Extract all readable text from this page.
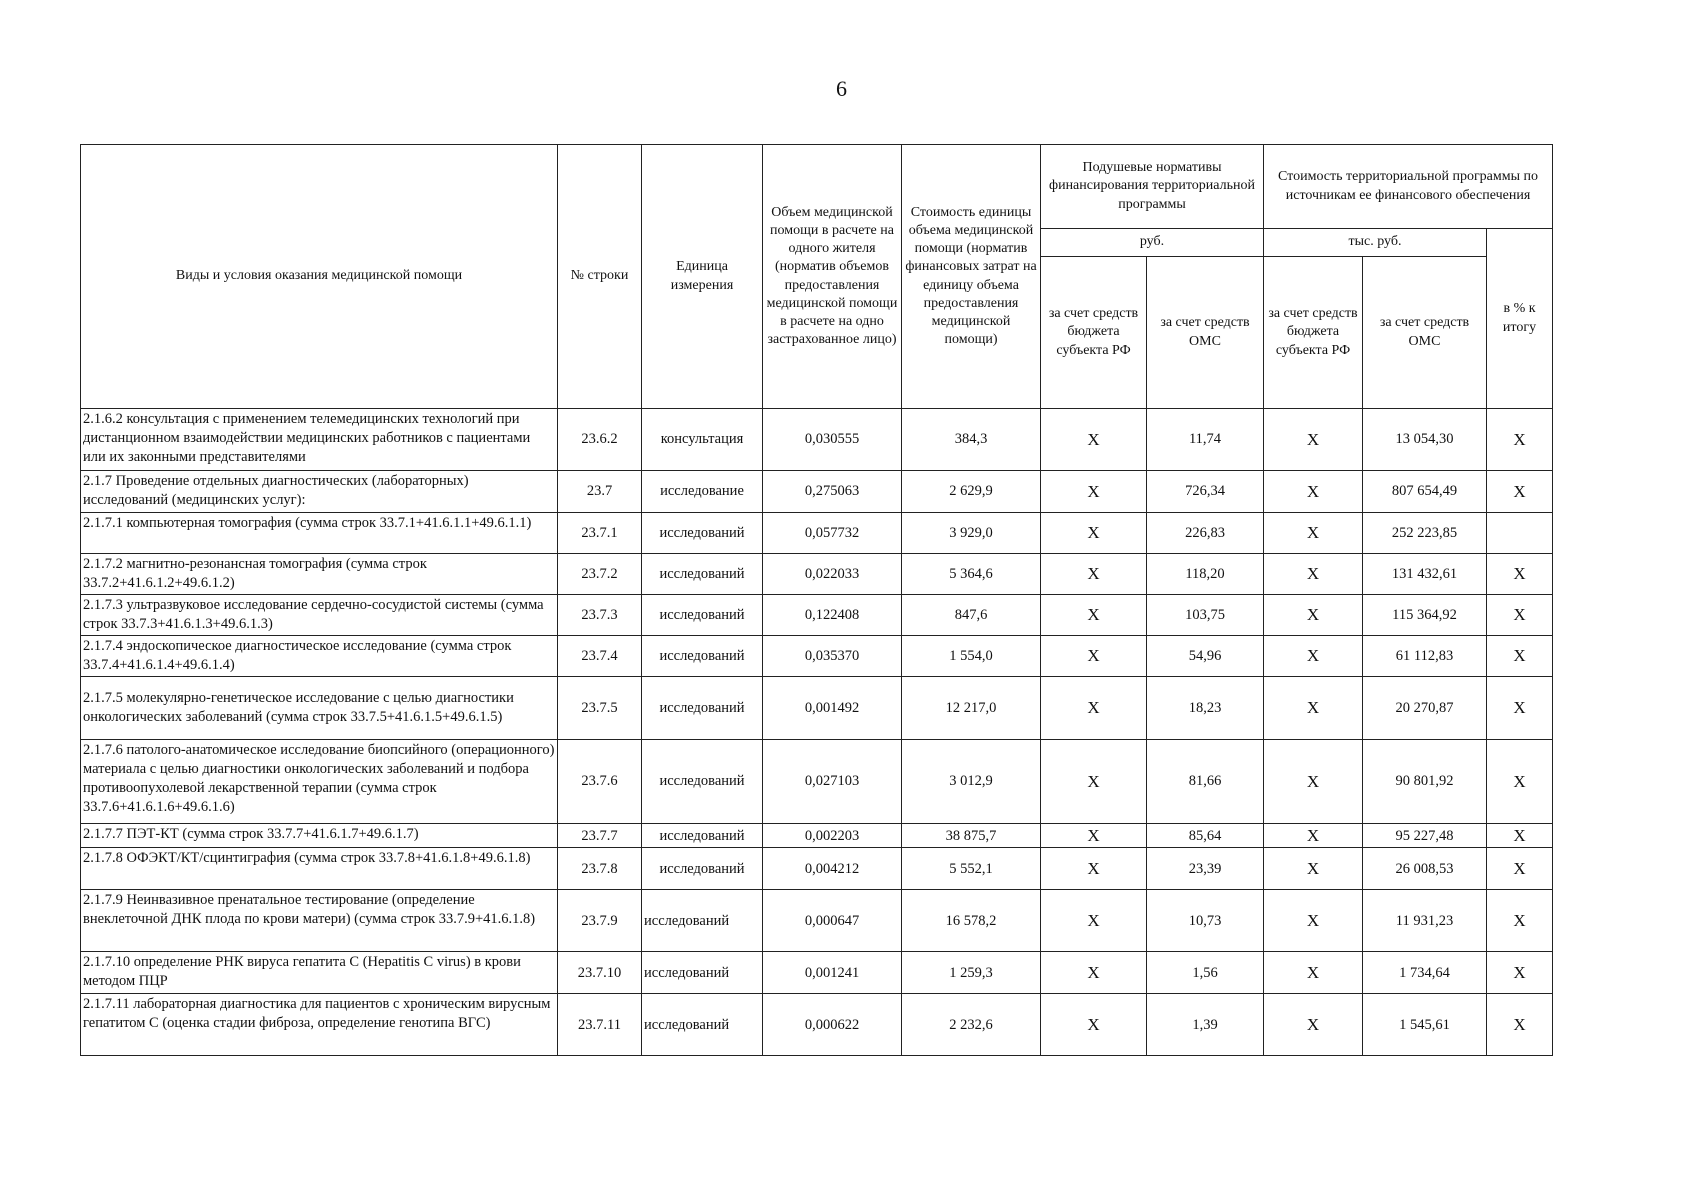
6
Виды и условия оказания медицинской помощи	№ строки	Единица измерения	Объем медицинской помощи в расчете на одного жителя (норматив объемов предоставления медицинской помощи в расчете на одно застрахованное лицо)	Стоимость единицы объема медицинской помощи (норматив финансовых затрат на единицу объема предоставления медицинской помощи)	Подушевые нормативы финансирования территориальной программы		Стоимость территориальной программы по источникам ее финансового обеспечения		
					руб.		тыс. руб.		в % к итогу
					за счет средств бюджета субъекта РФ	за счет средств ОМС	за счет средств бюджета субъекта РФ	за счет средств ОМС	
2.1.6.2 консультация с применением телемедицинских технологий при дистанционном взаимодействии медицинских работников с пациентами или их законными представителями	23.6.2	консультация	0,030555	384,3	X	11,74	X	13 054,30	X
2.1.7 Проведение отдельных диагностических (лабораторных) исследований (медицинских услуг):	23.7	исследование	0,275063	2 629,9	X	726,34	X	807 654,49	X
2.1.7.1 компьютерная томография (сумма строк 33.7.1+41.6.1.1+49.6.1.1)	23.7.1	исследований	0,057732	3 929,0	X	226,83	X	252 223,85	
2.1.7.2 магнитно-резонансная томография (сумма строк 33.7.2+41.6.1.2+49.6.1.2)	23.7.2	исследований	0,022033	5 364,6	X	118,20	X	131 432,61	X
2.1.7.3 ультразвуковое исследование сердечно-сосудистой системы (сумма строк 33.7.3+41.6.1.3+49.6.1.3)	23.7.3	исследований	0,122408	847,6	X	103,75	X	115 364,92	X
2.1.7.4 эндоскопическое диагностическое исследование (сумма строк 33.7.4+41.6.1.4+49.6.1.4)	23.7.4	исследований	0,035370	1 554,0	X	54,96	X	61 112,83	X
2.1.7.5 молекулярно-генетическое исследование с целью диагностики онкологических заболеваний (сумма строк 33.7.5+41.6.1.5+49.6.1.5)	23.7.5	исследований	0,001492	12 217,0	X	18,23	X	20 270,87	X
2.1.7.6 патолого-анатомическое исследование биопсийного (операционного) материала с целью диагностики онкологических заболеваний и подбора противоопухолевой лекарственной терапии (сумма строк 33.7.6+41.6.1.6+49.6.1.6)	23.7.6	исследований	0,027103	3 012,9	X	81,66	X	90 801,92	X
2.1.7.7 ПЭТ-КТ (сумма строк 33.7.7+41.6.1.7+49.6.1.7)	23.7.7	исследований	0,002203	38 875,7	X	85,64	X	95 227,48	X
2.1.7.8 ОФЭКТ/КТ/сцинтиграфия (сумма строк 33.7.8+41.6.1.8+49.6.1.8)	23.7.8	исследований	0,004212	5 552,1	X	23,39	X	26 008,53	X
2.1.7.9 Неинвазивное пренатальное тестирование (определение внеклеточной ДНК плода по крови матери) (сумма строк 33.7.9+41.6.1.8)	23.7.9	исследований	0,000647	16 578,2	X	10,73	X	11 931,23	X
2.1.7.10 определение РНК вируса гепатита С (Hepatitis C virus) в крови методом ПЦР	23.7.10	исследований	0,001241	1 259,3	X	1,56	X	1 734,64	X
2.1.7.11 лабораторная диагностика для пациентов с хроническим вирусным гепатитом С (оценка стадии фиброза, определение генотипа ВГС)	23.7.11	исследований	0,000622	2 232,6	X	1,39	X	1 545,61	X
